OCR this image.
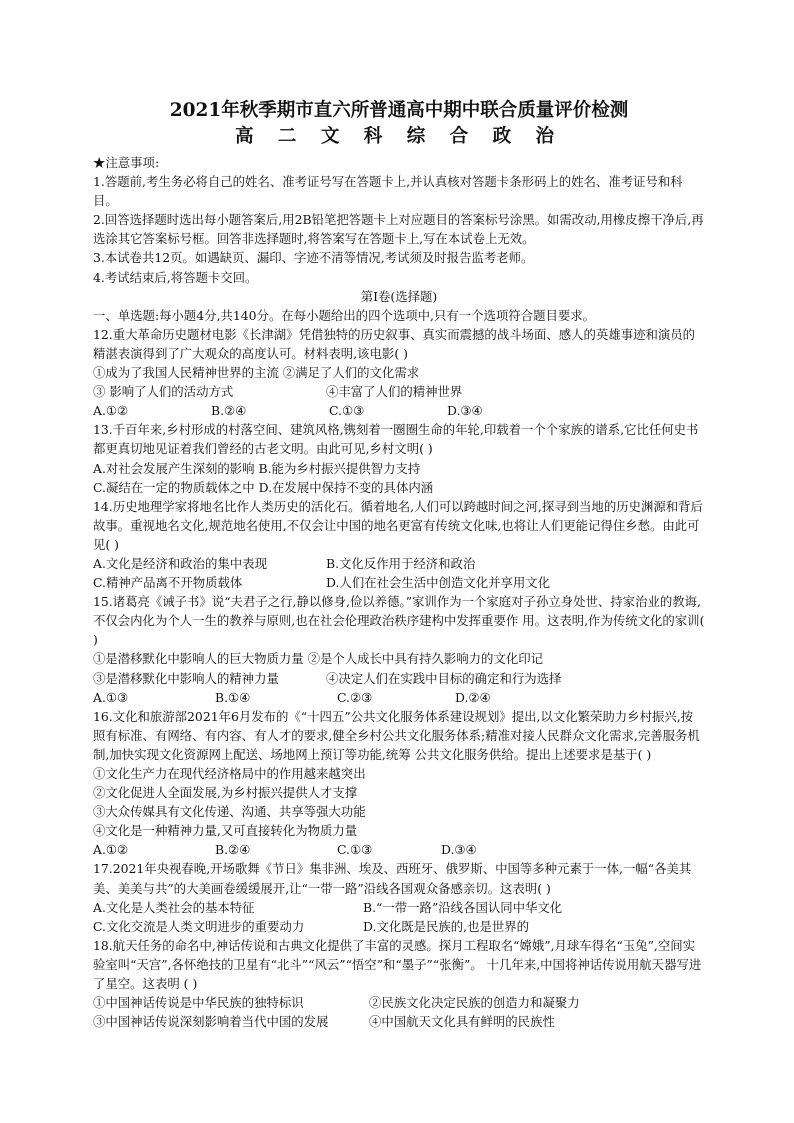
2021年秋季期市直六所普通高中期中联合质量评价检测

高 二 文 科 综 合 政 治

★注意事项:

1.答题前,考生务必将自己的姓名、准考证号写在答题卡上,并认真核对答题卡条形码上的姓名、准考证号和科目。

2.回答选择题时选出每小题答案后,用2B铅笔把答题卡上对应题目的答案标号涂黑。如需改动,用橡皮擦干净后,再选涂其它答案标号框。回答非选择题时,将答案写在答题卡上,写在本试卷上无效。

3.本试卷共12页。如遇缺页、漏印、字迹不清等情况,考试须及时报告监考老师。

4.考试结束后,将答题卡交回。

第Ⅰ卷(选择题)

一、单选题:每小题4分,共140分。在每小题给出的四个选项中,只有一个选项符合题目要求。

12.重大革命历史题材电影《长津湖》凭借独特的历史叙事、真实而震撼的战斗场面、感人的英雄事迹和演员的精湛表演得到了广大观众的高度认可。材料表明,该电影( )

①成为了我国人民精神世界的主流 ②满足了人们的文化需求

③ 影响了人们的活动方式	④丰富了人们的精神世界
A.①②	B.②④	C.①③	D.③④

13.千百年来,乡村形成的村落空间、建筑风格,镌刻着一圈圈生命的年轮,印载着一个个家族的谱系,它比任何史书都更真切地见证着我们曾经的古老文明。由此可见,乡村文明( )

A.对社会发展产生深刻的影响 B.能为乡村振兴提供智力支持

C.凝结在一定的物质载体之中 D.在发展中保持不变的具体内涵

14.历史地理学家将地名比作人类历史的活化石。循着地名,人们可以跨越时间之河,探寻到当地的历史渊源和背后故事。重视地名文化,规范地名使用,不仅会让中国的地名更富有传统文化味,也将让人们更能记得住乡愁。由此可见( )

A.文化是经济和政治的集中表现	B.文化反作用于经济和政治
C.精神产品离不开物质载体	D.人们在社会生活中创造文化并享用文化

15.诸葛亮《诫子书》说“夫君子之行,静以修身,俭以养德。”家训作为一个家庭对子孙立身处世、持家治业的教诲,不仅会内化为个人一生的教养与原则,也在社会伦理政治秩序建构中发挥重要作 用。这表明,作为传统文化的家训( )

①是潜移默化中影响人的巨大物质力量 ②是个人成长中具有持久影响力的文化印记

③是潜移默化中影响人的精神力量	④决定人们在实践中目标的确定和行为选择
A.①③	B.①④	C.②③	D.②④

16.文化和旅游部2021年6月发布的《“十四五”公共文化服务体系建设规划》提出,以文化繁荣助力乡村振兴,按照有标准、有网络、有内容、有人才的要求,健全乡村公共文化服务体系;精准对接人民群众文化需求,完善服务机制,加快实现文化资源网上配送、场地网上预订等功能,统筹 公共文化服务供给。提出上述要求是基于( )

①文化生产力在现代经济格局中的作用越来越突出

②文化促进人全面发展,为乡村振兴提供人才支撑

③大众传媒具有文化传递、沟通、共享等强大功能

④文化是一种精神力量,又可直接转化为物质力量

A.①②	B.②④	C.①③	D.③④

17.2021年央视春晚,开场歌舞《节日》集非洲、埃及、西班牙、俄罗斯、中国等多种元素于一体,一幅“各美其美、美美与共”的大美画卷缓缓展开,让“一带一路”沿线各国观众备感亲切。这表明( )

A.文化是人类社会的基本特征	B.“一带一路”沿线各国认同中华文化
C.文化交流是人类文明进步的重要动力	D.文化既是民族的,也是世界的

18.航天任务的命名中,神话传说和古典文化提供了丰富的灵感。探月工程取名“嫦娥”,月球车得名“玉兔”,空间实验室叫“天宫”,各怀绝技的卫星有“北斗”“风云”“悟空”和“墨子”“张衡”。 十几年来,中国将神话传说用航天器写进了星空。这表明 ( )

①中国神话传说是中华民族的独特标识	②民族文化决定民族的创造力和凝聚力
③中国神话传说深刻影响着当代中国的发展	④中国航天文化具有鲜明的民族性
